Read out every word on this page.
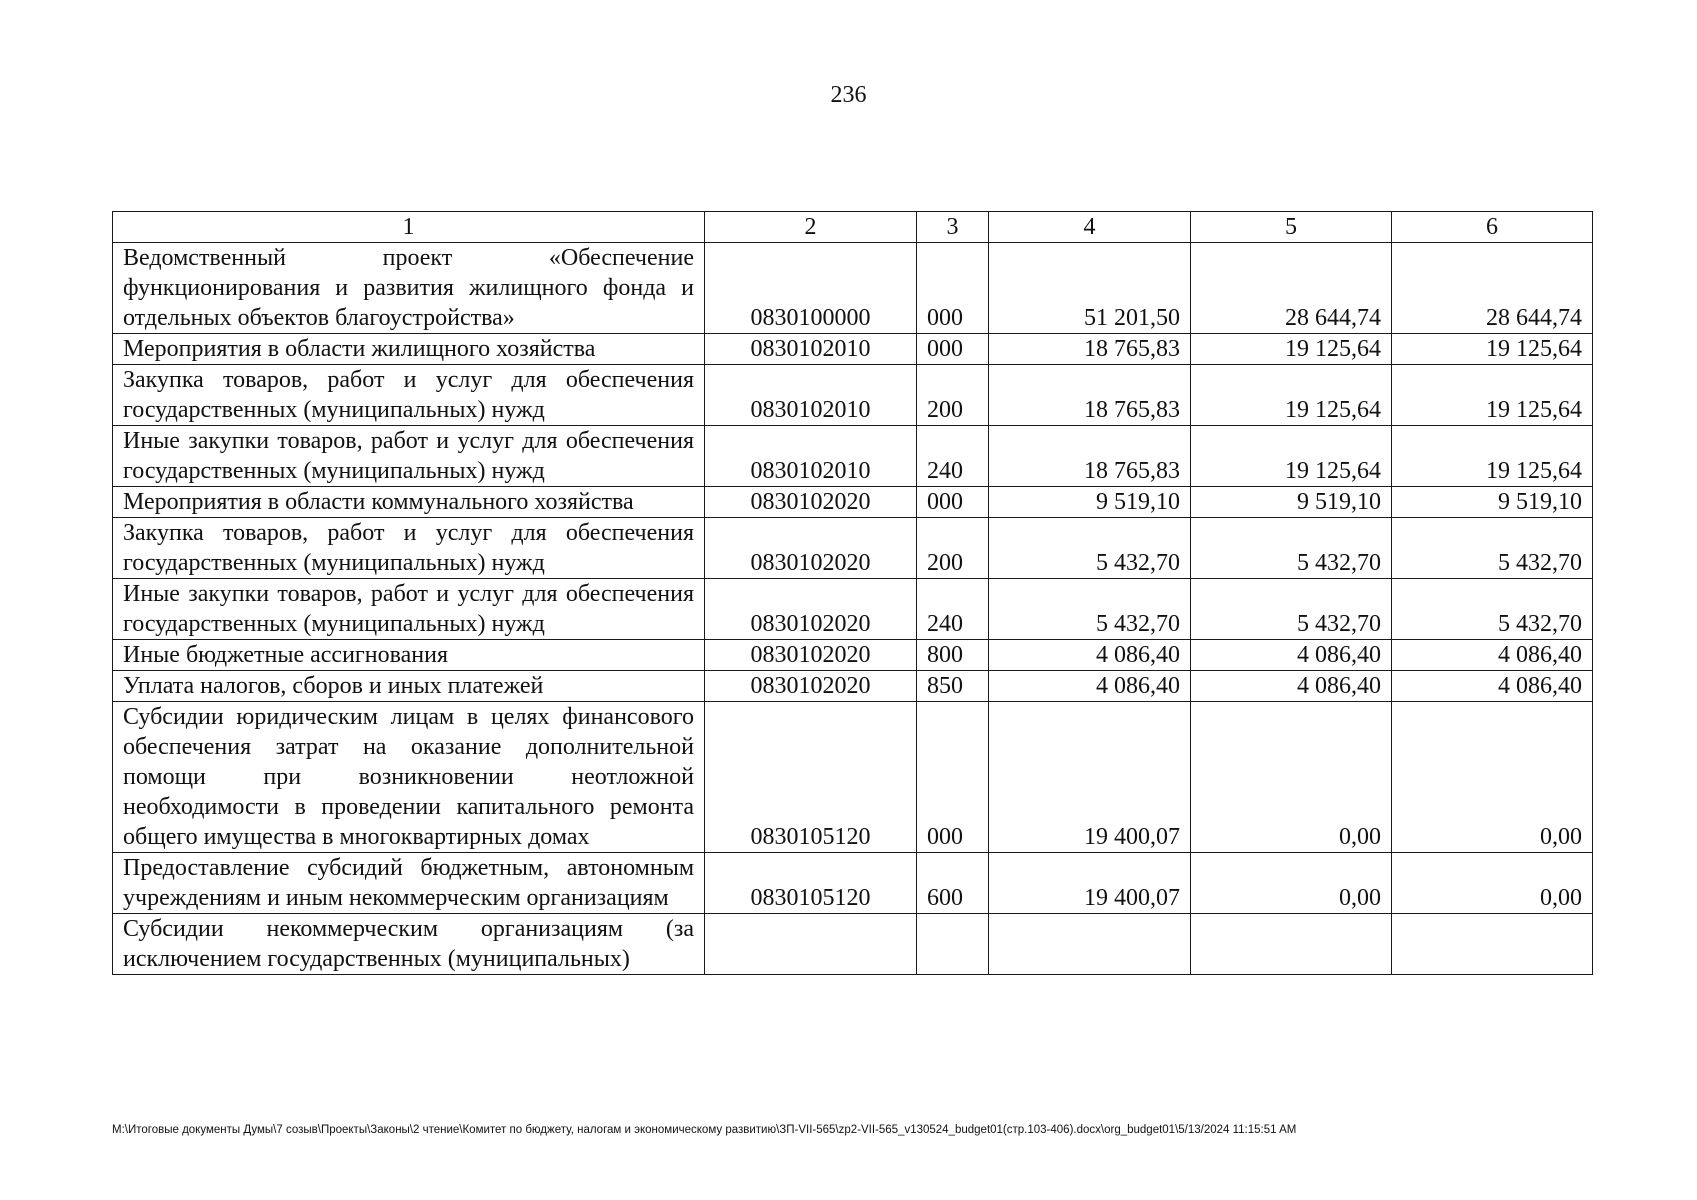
236
1	2	3	4	5	6
Ведомственный проект «Обеспечение функционирования и развития жилищного фонда и отдельных объектов благоустройства»	0830100000	000	51 201,50	28 644,74	28 644,74
Мероприятия в области жилищного хозяйства	0830102010	000	18 765,83	19 125,64	19 125,64
Закупка товаров, работ и услуг для обеспечения государственных (муниципальных) нужд	0830102010	200	18 765,83	19 125,64	19 125,64
Иные закупки товаров, работ и услуг для обеспечения государственных (муниципальных) нужд	0830102010	240	18 765,83	19 125,64	19 125,64
Мероприятия в области коммунального хозяйства	0830102020	000	9 519,10	9 519,10	9 519,10
Закупка товаров, работ и услуг для обеспечения государственных (муниципальных) нужд	0830102020	200	5 432,70	5 432,70	5 432,70
Иные закупки товаров, работ и услуг для обеспечения государственных (муниципальных) нужд	0830102020	240	5 432,70	5 432,70	5 432,70
Иные бюджетные ассигнования	0830102020	800	4 086,40	4 086,40	4 086,40
Уплата налогов, сборов и иных платежей	0830102020	850	4 086,40	4 086,40	4 086,40
Субсидии юридическим лицам в целях финансового обеспечения затрат на оказание дополнительной помощи при возникновении неотложной необходимости в проведении капитального ремонта общего имущества в многоквартирных домах	0830105120	000	19 400,07	0,00	0,00
Предоставление субсидий бюджетным, автономным учреждениям и иным некоммерческим организациям	0830105120	600	19 400,07	0,00	0,00
Субсидии некоммерческим организациям (за исключением государственных (муниципальных)					
M:\Итоговые документы Думы\7 созыв\Проекты\Законы\2 чтение\Комитет по бюджету, налогам и экономическому развитию\ЗП-VII-565\zp2-VII-565_v130524_budget01(стр.103-406).docx\org_budget01\5/13/2024 11:15:51 AM
